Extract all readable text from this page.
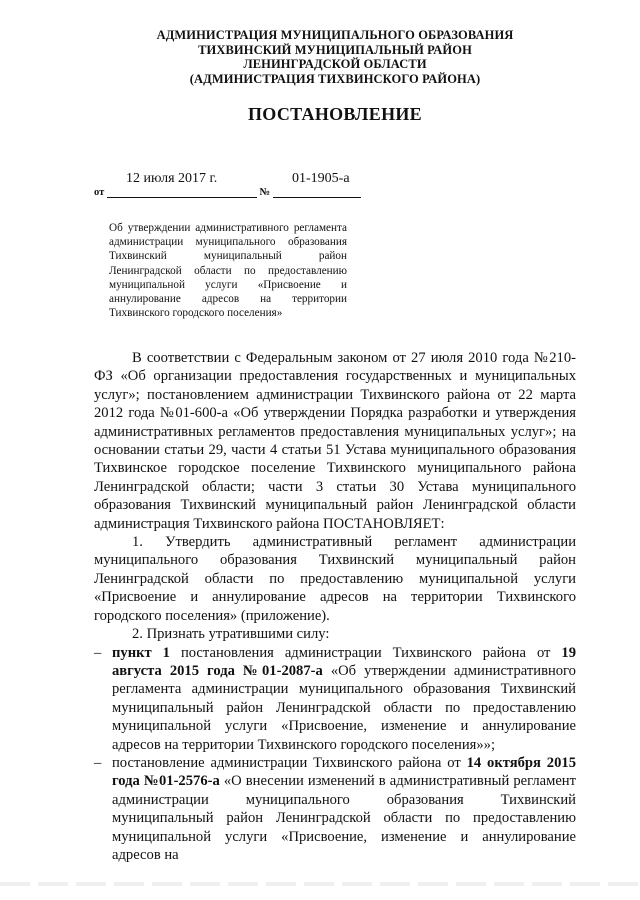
АДМИНИСТРАЦИЯ МУНИЦИПАЛЬНОГО ОБРАЗОВАНИЯ
ТИХВИНСКИЙ МУНИЦИПАЛЬНЫЙ РАЙОН
ЛЕНИНГРАДСКОЙ ОБЛАСТИ
(АДМИНИСТРАЦИЯ ТИХВИНСКОГО РАЙОНА)
ПОСТАНОВЛЕНИЕ
12 июля 2017 г.	01-1905-а
от	№
Об утверждении административного регламента администрации муниципального образования Тихвинский муниципальный район Ленинградской области по предоставлению муниципальной услуги «Присвоение и аннулирование адресов на территории Тихвинского городского поселения»

В соответствии с Федеральным законом от 27 июля 2010 года №210-ФЗ «Об организации предоставления государственных и муниципальных услуг»; постановлением администрации Тихвинского района от 22 марта 2012 года №01-600-а «Об утверждении Порядка разработки и утверждения административных регламентов предоставления муниципальных услуг»; на основании статьи 29, части 4 статьи 51 Устава муниципального образования Тихвинское городское поселение Тихвинского муниципального района Ленинградской области; части 3 статьи 30 Устава муниципального образования Тихвинский муниципальный район Ленинградской области администрация Тихвинского района ПОСТАНОВЛЯЕТ:

1. Утвердить административный регламент администрации муниципального образования Тихвинский муниципальный район Ленинградской области по предоставлению муниципальной услуги «Присвоение и аннулирование адресов на территории Тихвинского городского поселения» (приложение).

2. Признать утратившими силу:

– пункт 1 постановления администрации Тихвинского района от 19 августа 2015 года №01-2087-а «Об утверждении административного регламента администрации муниципального образования Тихвинский муниципальный район Ленинградской области по предоставлению муниципальной услуги «Присвоение, изменение и аннулирование адресов на территории Тихвинского городского поселения»»;

– постановление администрации Тихвинского района от 14 октября 2015 года №01-2576-а «О внесении изменений в административный регламент администрации муниципального образования Тихвинский муниципальный район Ленинградской области по предоставлению муниципальной услуги «Присвоение, изменение и аннулирование адресов на
